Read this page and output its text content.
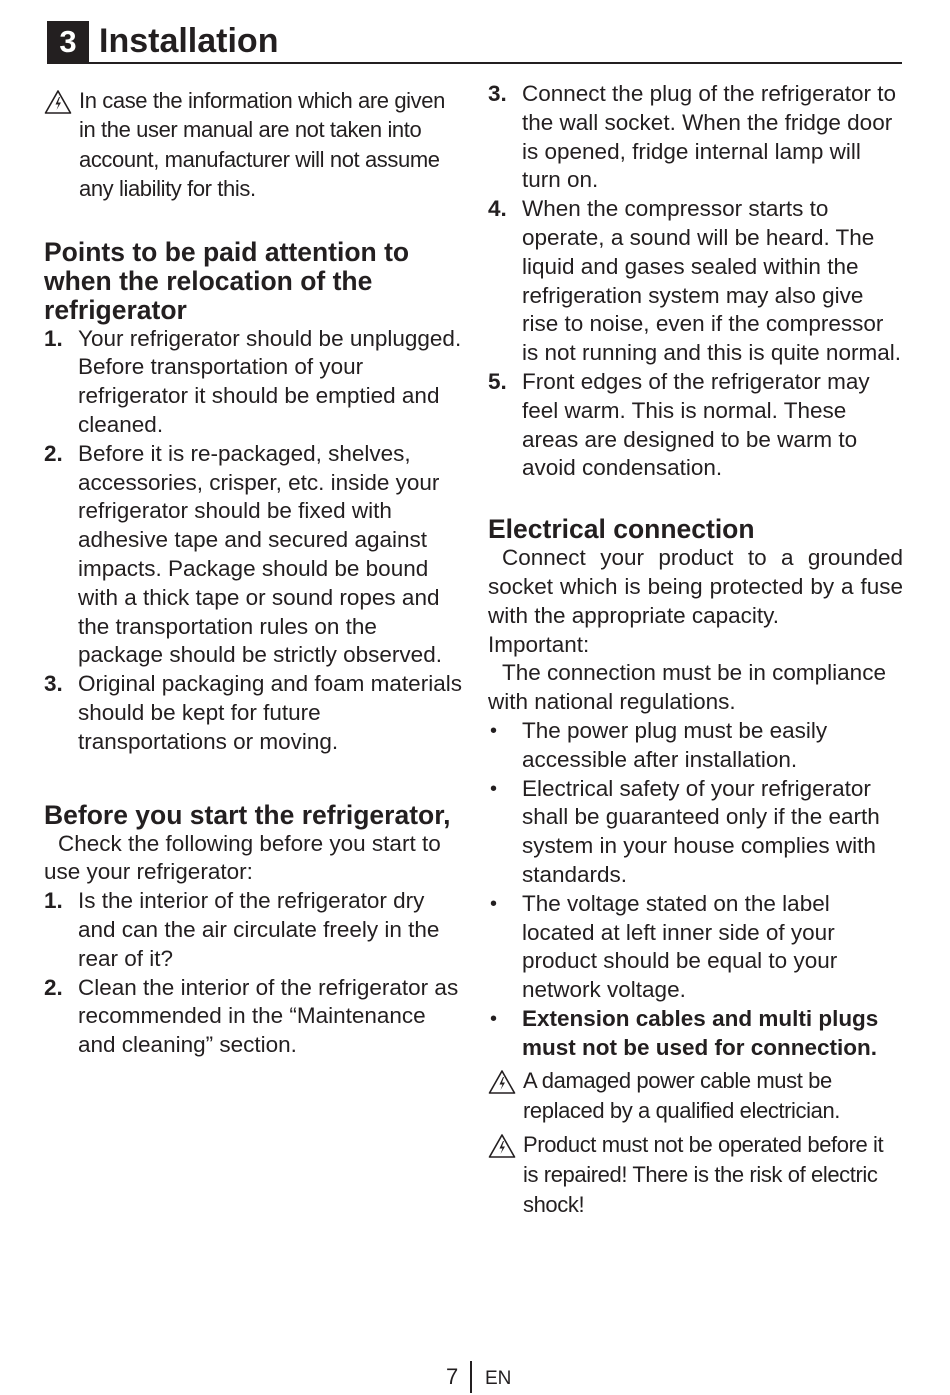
3 Installation

In case the information which are given in the user manual are not taken into account, manufacturer will not assume any liability for this.

Points to be paid attention to when the relocation of the refrigerator
1. Your refrigerator should be unplugged. Before transportation of your refrigerator it should be emptied and cleaned.
2. Before it is re-packaged, shelves, accessories, crisper, etc. inside your refrigerator should be fixed with adhesive tape and secured against impacts. Package should be bound with a thick tape or sound ropes and the transportation rules on the package should be strictly observed.
3. Original packaging and foam materials should be kept for future transportations or moving.
Before you start the refrigerator,

Check the following before you start to use your refrigerator:

1. Is the interior of the refrigerator dry and can the air circulate freely in the rear of it?
2. Clean the interior of the refrigerator as recommended in the “Maintenance and cleaning” section.
3. Connect the plug of the refrigerator to the wall socket. When the fridge door is opened, fridge internal lamp will turn on.
4. When the compressor starts to operate, a sound will be heard. The liquid and gases sealed within the refrigeration system may also give rise to noise, even if the compressor is not running and this is quite normal.
5. Front edges of the refrigerator may feel warm. This is normal. These areas are designed to be warm to avoid condensation.
Electrical connection

Connect your product to a grounded socket which is being protected by a fuse with the appropriate capacity.

Important:

The connection must be in compliance with national regulations.

• The power plug must be easily accessible after installation.
• Electrical safety of your refrigerator shall be guaranteed only if the earth system in your house complies with standards.
• The voltage stated on the label located at left inner side of your product should be equal to your network voltage.
• Extension cables and multi plugs must not be used for connection.

A damaged power cable must be replaced by a qualified electrician.

Product must not be operated before it is repaired! There is the risk of electric shock!

7 EN
